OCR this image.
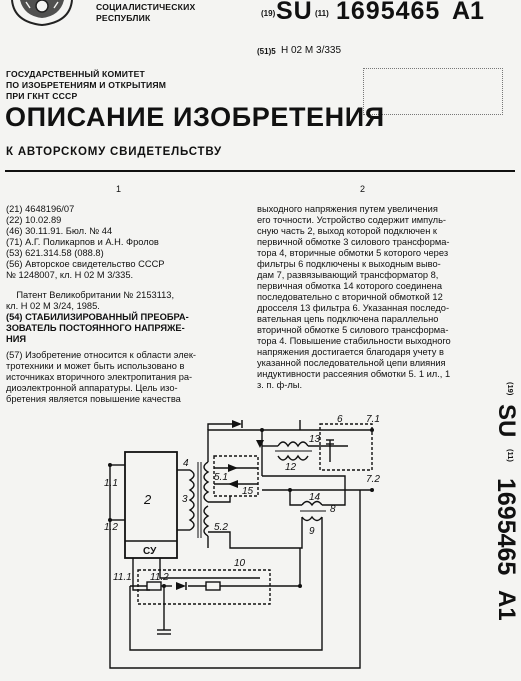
СОЦИАЛИСТИЧЕСКИХ
РЕСПУБЛИК	(19) SU (11) 1695465 A1
(51)5 H 02 M 3/335
ГОСУДАРСТВЕННЫЙ КОМИТЕТ
ПО ИЗОБРЕТЕНИЯМ И ОТКРЫТИЯМ
ПРИ ГКНТ СССР
ОПИСАНИЕ ИЗОБРЕТЕНИЯ
К АВТОРСКОМУ СВИДЕТЕЛЬСТВУ
1	2
(21) 4648196/07
(22) 10.02.89
(46) 30.11.91. Бюл. № 44
(71) А.Г. Поликарпов и А.Н. Фролов
(53) 621.314.58 (088.8)
(56) Авторское свидетельство СССР
№ 1248007, кл. Н 02 М 3/335.
Патент Великобритании № 2153113,
кл. Н 02 М 3/24, 1985.
(54) СТАБИЛИЗИРОВАННЫЙ ПРЕОБРА-
ЗОВАТЕЛЬ ПОСТОЯННОГО НАПРЯЖЕ-
НИЯ
(57) Изобретение относится к области элек-
тротехники и может быть использовано в
источниках вторичного электропитания ра-
диоэлектронной аппаратуры. Цель изо-
бретения является повышение качества
выходного напряжения путем увеличения
его точности. Устройство содержит импуль-
сную часть 2, выход которой подключен к
первичной обмотке 3 силового трансформа-
тора 4, вторичные обмотки 5 которого через
фильтры 6 подключены к выходным выво-
дам 7, развязывающий трансформатор 8,
первичная обмотка 14 которого соединена
последовательно с вторичной обмоткой 12
дросселя 13 фильтра 6. Указанная последо-
вательная цепь подключена параллельно
вторичной обмотке 5 силового трансформа-
тора 4. Повышение стабильности выходного
напряжения достигается благодаря учету в
указанной последовательной цепи влияния
индуктивности рассеяния обмотки 5. 1 ил., 1
з. п. ф-лы.	(19)
SU
(11)
1695465
A1
1.1
1.2
2
СУ
11.1 11.2
4
3
5.1
5.2
15
12
13
6 7.1
7.2
14
8
9
10
